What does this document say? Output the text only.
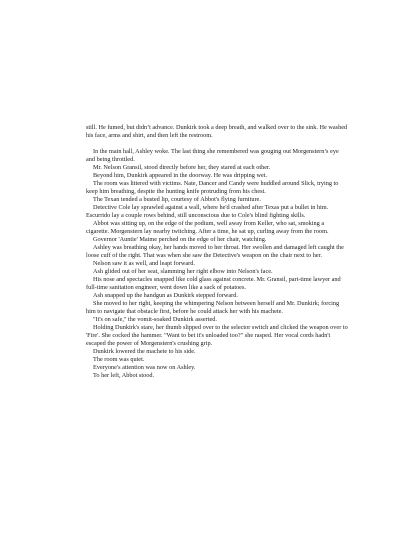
still. He fumed, but didn’t advance. Dunkirk took a deep breath, and walked over to the sink. He washed his face, arms and shirt, and then left the restroom.

In the main hall, Ashley woke. The last thing she remembered was gouging out Morgenstern’s eye and being throttled.

Mr. Nelson Gransil, stood directly before her, they stared at each other.

Beyond him, Dunkirk appeared in the doorway. He was dripping wet.

The room was littered with victims. Nate, Dancer and Candy were huddled around Slick, trying to keep him breathing, despite the hunting knife protruding from his chest.

The Texan tended a busted lip, courtesy of Abbot's flying furniture.

Detective Cole lay sprawled against a wall, where he'd crashed after Texas put a bullet in him. Escurrido lay a couple rows behind, still unconscious due to Cole's blind fighting skills.

Abbot was sitting up, on the edge of the podium, well away from Keller, who sat, smoking a cigarette. Morgenstern lay nearby twitching. After a time, he sat up, curling away from the room.

Governor 'Auntie' Maime perched on the edge of her chair, watching.

Ashley was breathing okay, her hands moved to her throat. Her swollen and damaged left caught the loose cuff of the right. That was when she saw the Detective's weapon on the chair next to her.

Nelson saw it as well, and leapt forward.

Ash glided out of her seat, slamming her right elbow into Nelson's face.

His nose and spectacles snapped like cold glass against concrete. Mr. Gransil, part-time lawyer and full-time sanitation engineer, went down like a sack of potatoes.

Ash snapped up the handgun as Dunkirk stepped forward.

She moved to her right, keeping the whimpering Nelson between herself and Mr. Dunkirk; forcing him to navigate that obstacle first, before he could attack her with his machete.

"It's on safe," the vomit-soaked Dunkirk asserted.

Holding Dunkirk's stare, her thumb slipped over to the selector switch and clicked the weapon over to 'Fire'. She cocked the hammer. "Want to bet it's unloaded too?" she rasped. Her vocal cords hadn't escaped the power of Morgenstern's crushing grip.

Dunkirk lowered the machete to his side.

The room was quiet.

Everyone's attention was now on Ashley.

To her left, Abbot stood.
